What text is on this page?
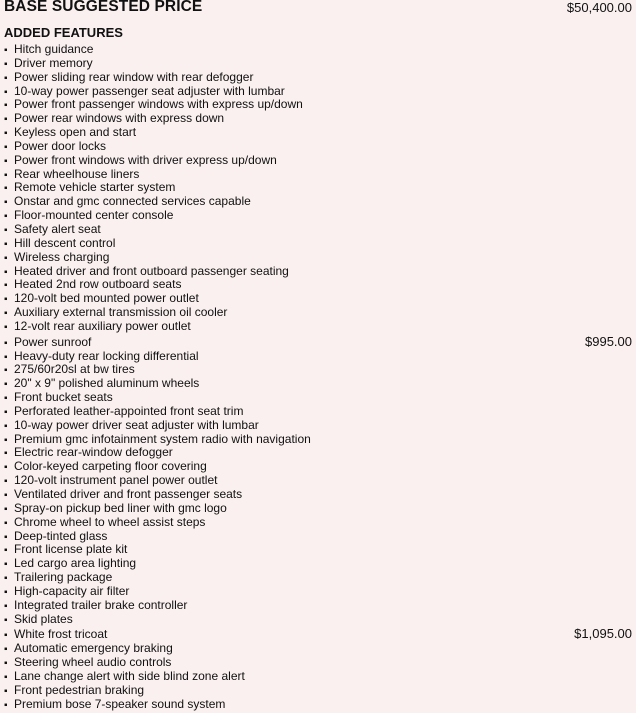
BASE SUGGESTED PRICE	$50,400.00
ADDED FEATURES
▪ Hitch guidance
▪ Driver memory
▪ Power sliding rear window with rear defogger
▪ 10-way power passenger seat adjuster with lumbar
▪ Power front passenger windows with express up/down
▪ Power rear windows with express down
▪ Keyless open and start
▪ Power door locks
▪ Power front windows with driver express up/down
▪ Rear wheelhouse liners
▪ Remote vehicle starter system
▪ Onstar and gmc connected services capable
▪ Floor-mounted center console
▪ Safety alert seat
▪ Hill descent control
▪ Wireless charging
▪ Heated driver and front outboard passenger seating
▪ Heated 2nd row outboard seats
▪ 120-volt bed mounted power outlet
▪ Auxiliary external transmission oil cooler
▪ 12-volt rear auxiliary power outlet
▪ Power sunroof	$995.00
▪ Heavy-duty rear locking differential
▪ 275/60r20sl at bw tires
▪ 20" x 9" polished aluminum wheels
▪ Front bucket seats
▪ Perforated leather-appointed front seat trim
▪ 10-way power driver seat adjuster with lumbar
▪ Premium gmc infotainment system radio with navigation
▪ Electric rear-window defogger
▪ Color-keyed carpeting floor covering
▪ 120-volt instrument panel power outlet
▪ Ventilated driver and front passenger seats
▪ Spray-on pickup bed liner with gmc logo
▪ Chrome wheel to wheel assist steps
▪ Deep-tinted glass
▪ Front license plate kit
▪ Led cargo area lighting
▪ Trailering package
▪ High-capacity air filter
▪ Integrated trailer brake controller
▪ Skid plates
▪ White frost tricoat	$1,095.00
▪ Automatic emergency braking
▪ Steering wheel audio controls
▪ Lane change alert with side blind zone alert
▪ Front pedestrian braking
▪ Premium bose 7-speaker sound system
